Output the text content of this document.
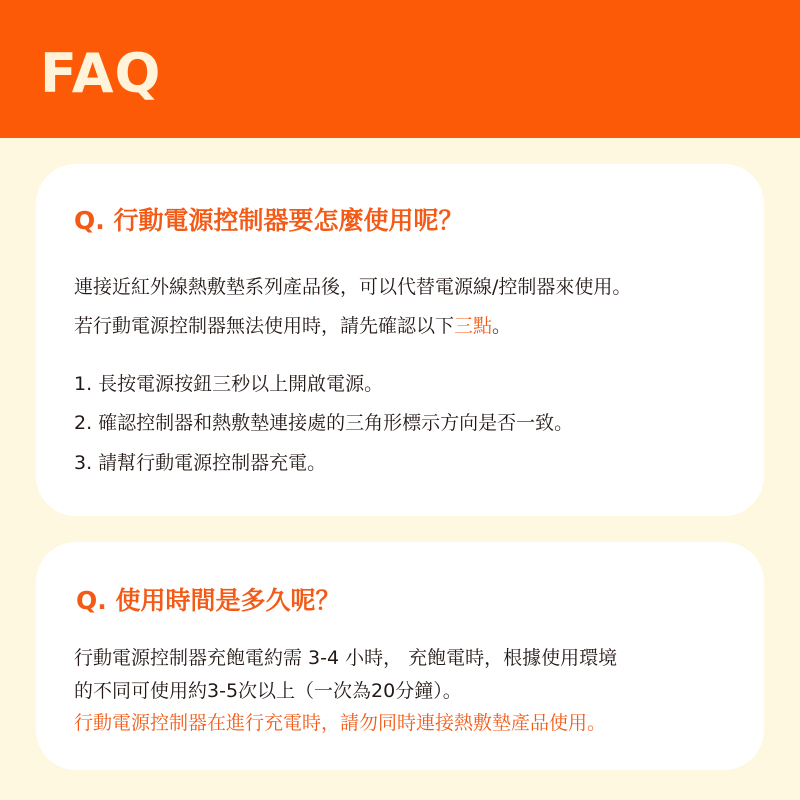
FAQ
Q. 行動電源控制器要怎麼使用呢？
連接近紅外線熱敷墊系列產品後，可以代替電源線/控制器來使用。
若行動電源控制器無法使用時，請先確認以下三點。
1. 長按電源按鈕三秒以上開啟電源。
2. 確認控制器和熱敷墊連接處的三角形標示方向是否一致。
3. 請幫行動電源控制器充電。
Q. 使用時間是多久呢？
行動電源控制器充飽電約需 3-4 小時， 充飽電時，根據使用環境
的不同可使用約3-5次以上（一次為20分鐘）。
行動電源控制器在進行充電時，請勿同時連接熱敷墊產品使用。
